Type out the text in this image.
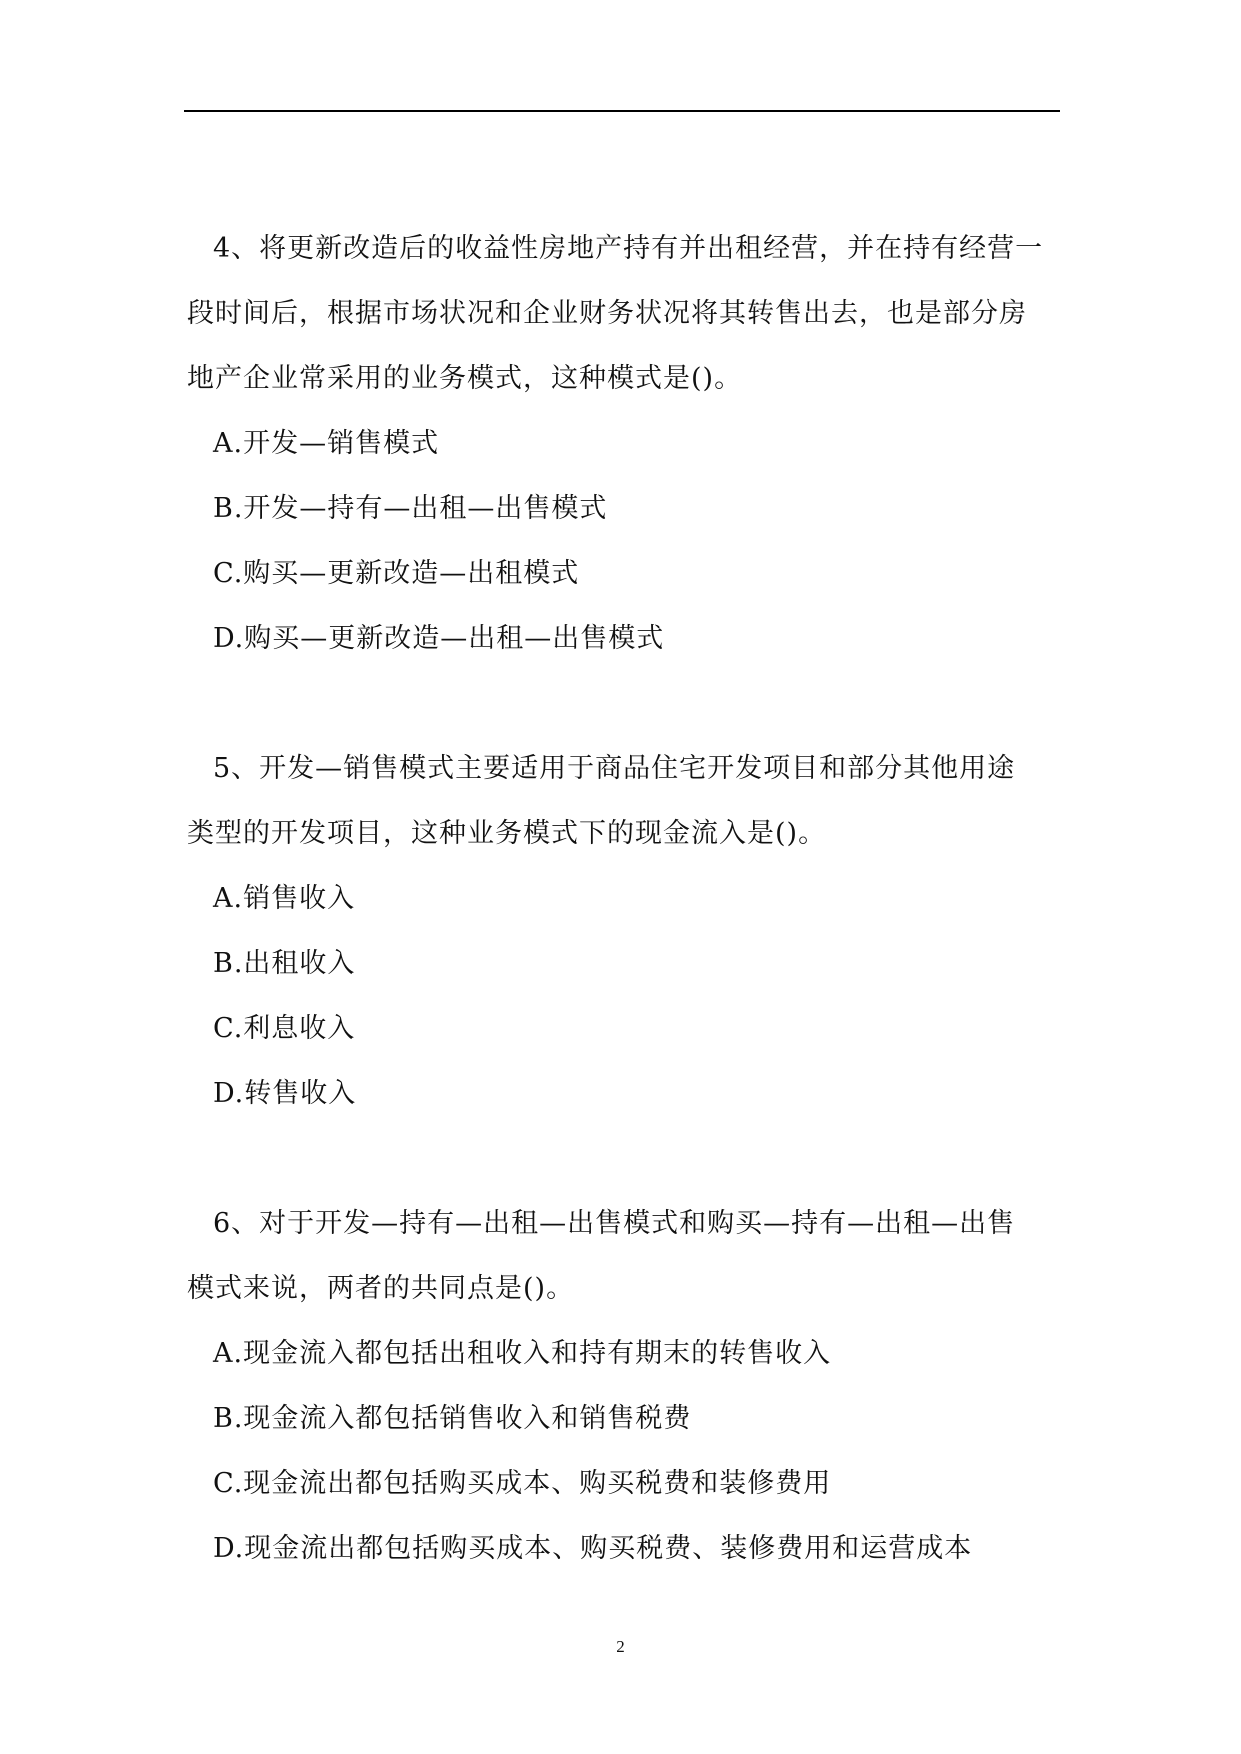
4、将更新改造后的收益性房地产持有并出租经营，并在持有经营一
段时间后，根据市场状况和企业财务状况将其转售出去，也是部分房
地产企业常采用的业务模式，这种模式是()。
A.开发—销售模式
B.开发—持有—出租—出售模式
C.购买—更新改造—出租模式
D.购买—更新改造—出租—出售模式
5、开发—销售模式主要适用于商品住宅开发项目和部分其他用途
类型的开发项目，这种业务模式下的现金流入是()。
A.销售收入
B.出租收入
C.利息收入
D.转售收入
6、对于开发—持有—出租—出售模式和购买—持有—出租—出售
模式来说，两者的共同点是()。
A.现金流入都包括出租收入和持有期末的转售收入
B.现金流入都包括销售收入和销售税费
C.现金流出都包括购买成本、购买税费和装修费用
D.现金流出都包括购买成本、购买税费、装修费用和运营成本
2
